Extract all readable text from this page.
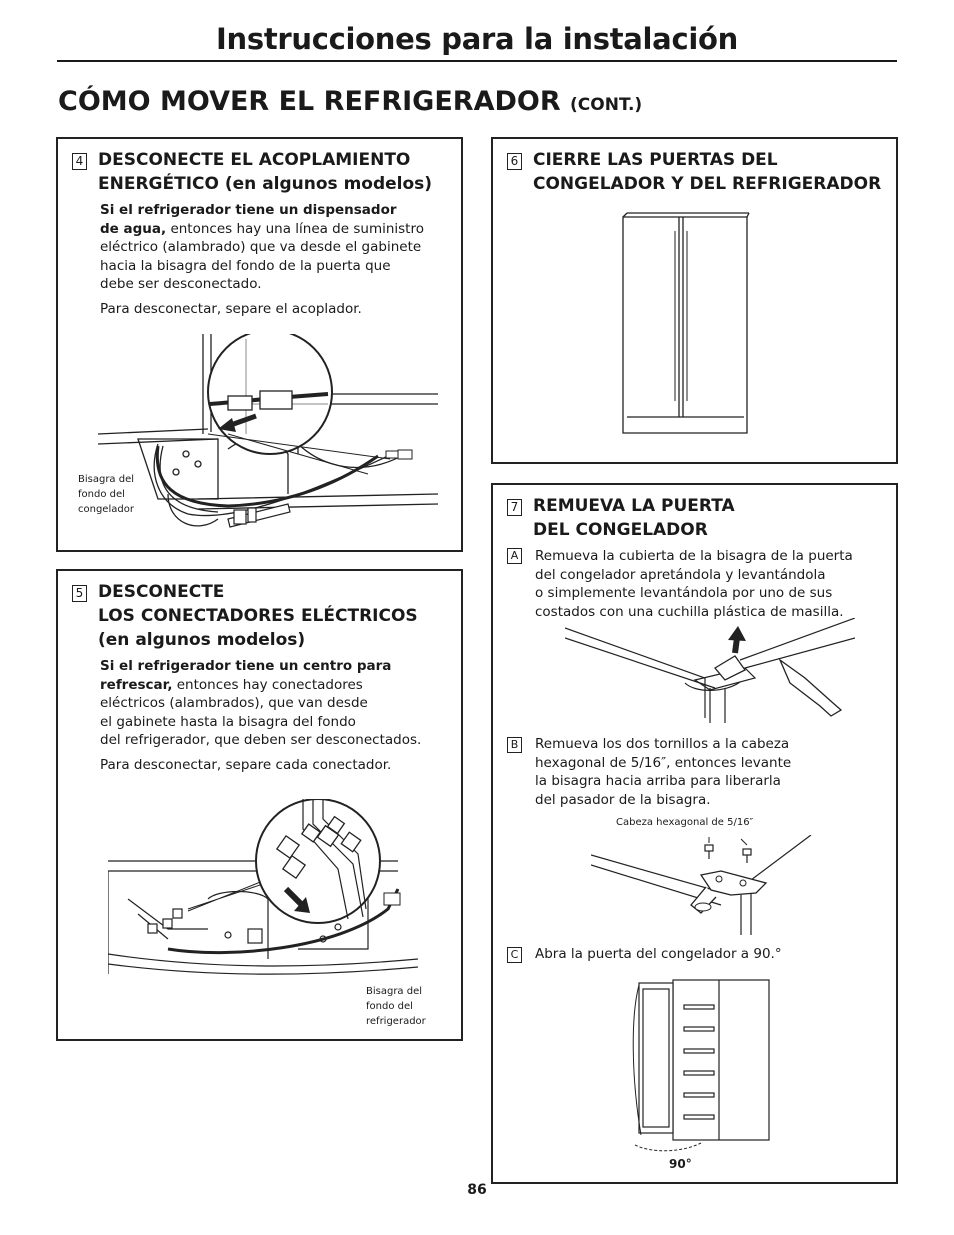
Instrucciones para la instalación
CÓMO MOVER EL REFRIGERADOR (CONT.)
4 DESCONECTE EL ACOPLAMIENTO
ENERGÉTICO (en algunos modelos)
Si el refrigerador tiene un dispensador
de agua, entonces hay una línea de suministro
eléctrico (alambrado) que va desde el gabinete
hacia la bisagra del fondo de la puerta que
debe ser desconectado.
Para desconectar, separe el acoplador.
Bisagra del
fondo del
congelador
5 DESCONECTE
LOS CONECTADORES ELÉCTRICOS
(en algunos modelos)
Si el refrigerador tiene un centro para
refrescar, entonces hay conectadores
eléctricos (alambrados), que van desde
el gabinete hasta la bisagra del fondo
del refrigerador, que deben ser desconectados.
Para desconectar, separe cada conectador.
Bisagra del
fondo del
refrigerador
6 CIERRE LAS PUERTAS DEL
CONGELADOR Y DEL REFRIGERADOR
7 REMUEVA LA PUERTA
DEL CONGELADOR
A Remueva la cubierta de la bisagra de la puerta
del congelador apretándola y levantándola
o simplemente levantándola por uno de sus
costados con una cuchilla plástica de masilla.
B Remueva los dos tornillos a la cabeza
hexagonal de 5/16″, entonces levante
la bisagra hacia arriba para liberarla
del pasador de la bisagra.
Cabeza hexagonal de 5/16″
C Abra la puerta del congelador a 90.°
90°
86
